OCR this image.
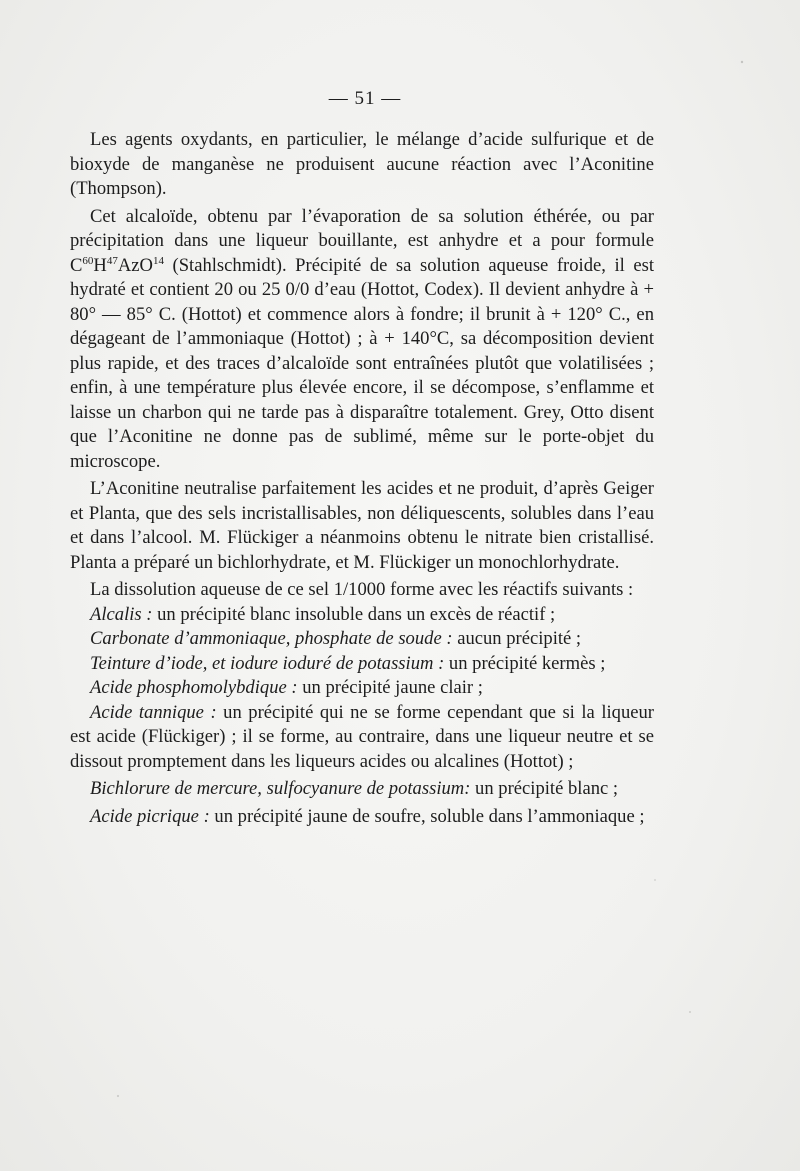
— 51 —

Les agents oxydants, en particulier, le mélange d’acide sulfurique et de bioxyde de manganèse ne produisent aucune réaction avec l’Aconitine (Thompson).

Cet alcaloïde, obtenu par l’évaporation de sa solution éthérée, ou par précipitation dans une liqueur bouillante, est anhydre et a pour formule $C^{60}H^{47}AzO^{14}$ (Stahlschmidt). Précipité de sa solution aqueuse froide, il est hydraté et contient 20 ou 25 0/0 d’eau (Hottot, Codex). Il devient anhydre à + 80° — 85° C. (Hottot) et commence alors à fondre; il brunit à + 120° C., en dégageant de l’ammoniaque (Hottot) ; à + 140°C, sa décomposition devient plus rapide, et des traces d’alcaloïde sont entraînées plutôt que volatilisées ; enfin, à une température plus élevée encore, il se décompose, s’enflamme et laisse un charbon qui ne tarde pas à disparaître totalement. Grey, Otto disent que l’Aconitine ne donne pas de sublimé, même sur le porte-objet du microscope.

L’Aconitine neutralise parfaitement les acides et ne produit, d’après Geiger et Planta, que des sels incristallisables, non déliquescents, solubles dans l’eau et dans l’alcool. M. Flückiger a néanmoins obtenu le nitrate bien cristallisé. Planta a préparé un bichlorhydrate, et M. Flückiger un monochlorhydrate.

La dissolution aqueuse de ce sel 1/1000 forme avec les réactifs suivants :

Alcalis : un précipité blanc insoluble dans un excès de réactif ;

Carbonate d’ammoniaque, phosphate de soude : aucun précipité ;

Teinture d’iode, et iodure ioduré de potassium : un précipité kermès ;

Acide phosphomolybdique : un précipité jaune clair ;

Acide tannique : un précipité qui ne se forme cependant que si la liqueur est acide (Flückiger) ; il se forme, au contraire, dans une liqueur neutre et se dissout promptement dans les liqueurs acides ou alcalines (Hottot) ;

Bichlorure de mercure, sulfocyanure de potassium: un précipité blanc ;

Acide picrique : un précipité jaune de soufre, soluble dans l’ammoniaque ;
